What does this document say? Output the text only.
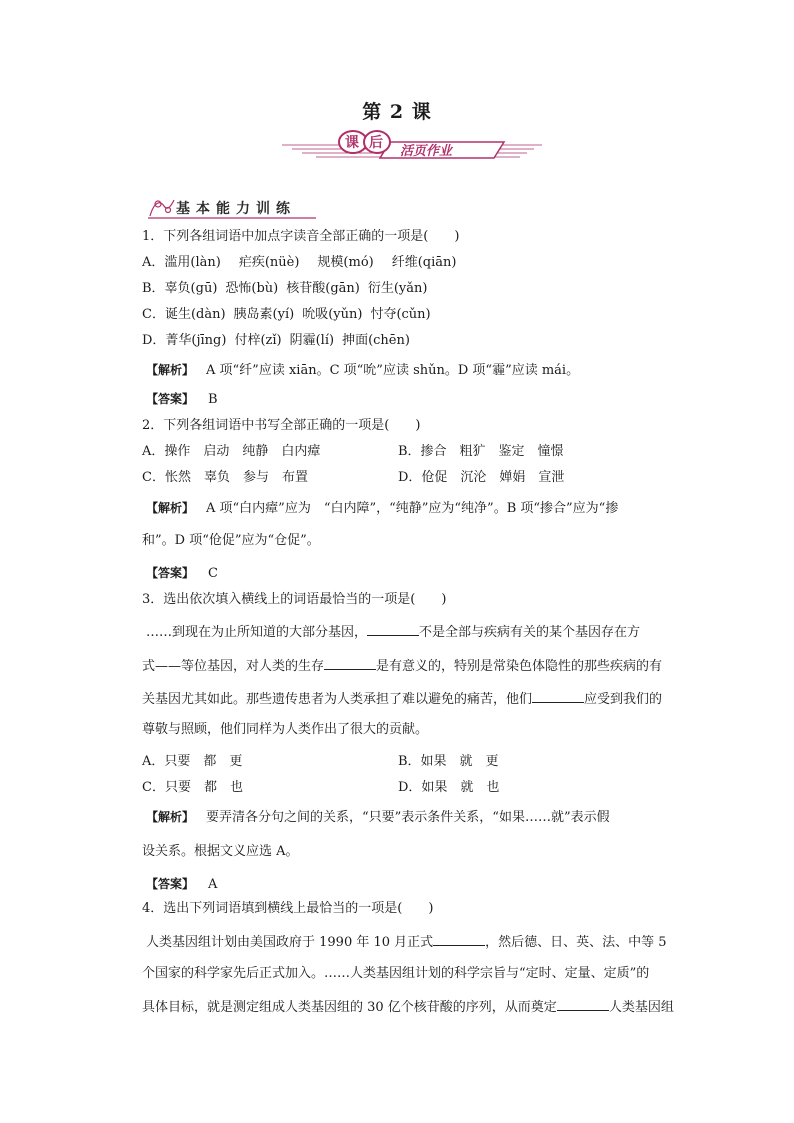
第 2 课
课 后
活页作业
基本能力训练
1．下列各组词语中加点字读音全部正确的一项是(　　)
A．滥用(làn) 疟疾(nüè) 规模(mó) 纤维(qiān)
B．辜负(gū) 恐怖(bù) 核苷酸(gān) 衍生(yǎn)
C．诞生(dàn) 胰岛素(yí) 吮吸(yǔn) 忖夺(cǔn)
D．菁华(jīng) 付梓(zǐ) 阴霾(lí) 抻面(chēn)
【解析】 A 项“纤”应读 xiān。C 项“吮”应读 shǔn。D 项“霾”应读 mái。
【答案】 B
2．下列各组词语中书写全部正确的一项是(　　)
A．操作　启动　纯静　白内瘴	B．掺合　粗犷　鉴定　憧憬
C．怅然　辜负　参与　布置	D．伧促　沉沦　婵娟　宣泄
【解析】 A 项“白内瘴”应为　“白内障”，“纯静”应为“纯净”。B 项“掺合”应为“掺
和”。D 项“伧促”应为“仓促”。
【答案】 C
3．选出依次填入横线上的词语最恰当的一项是(　　)
……到现在为止所知道的大部分基因，	不是全部与疾病有关的某个基因存在方
式——等位基因，对人类的生存	是有意义的，特别是常染色体隐性的那些疾病的有
关基因尤其如此。那些遗传患者为人类承担了难以避免的痛苦，他们	应受到我们的
尊敬与照顾，他们同样为人类作出了很大的贡献。
A．只要　都　更	B．如果　就　更
C．只要　都　也	D．如果　就　也
【解析】 要弄清各分句之间的关系，“只要”表示条件关系，“如果……就”表示假
设关系。根据文义应选 A。
【答案】 A
4．选出下列词语填到横线上最恰当的一项是(　　)
人类基因组计划由美国政府于 1990 年 10 月正式	，然后德、日、英、法、中等 5
个国家的科学家先后正式加入。……人类基因组计划的科学宗旨与“定时、定量、定质”的
具体目标，就是测定组成人类基因组的 30 亿个核苷酸的序列，从而奠定	人类基因组
